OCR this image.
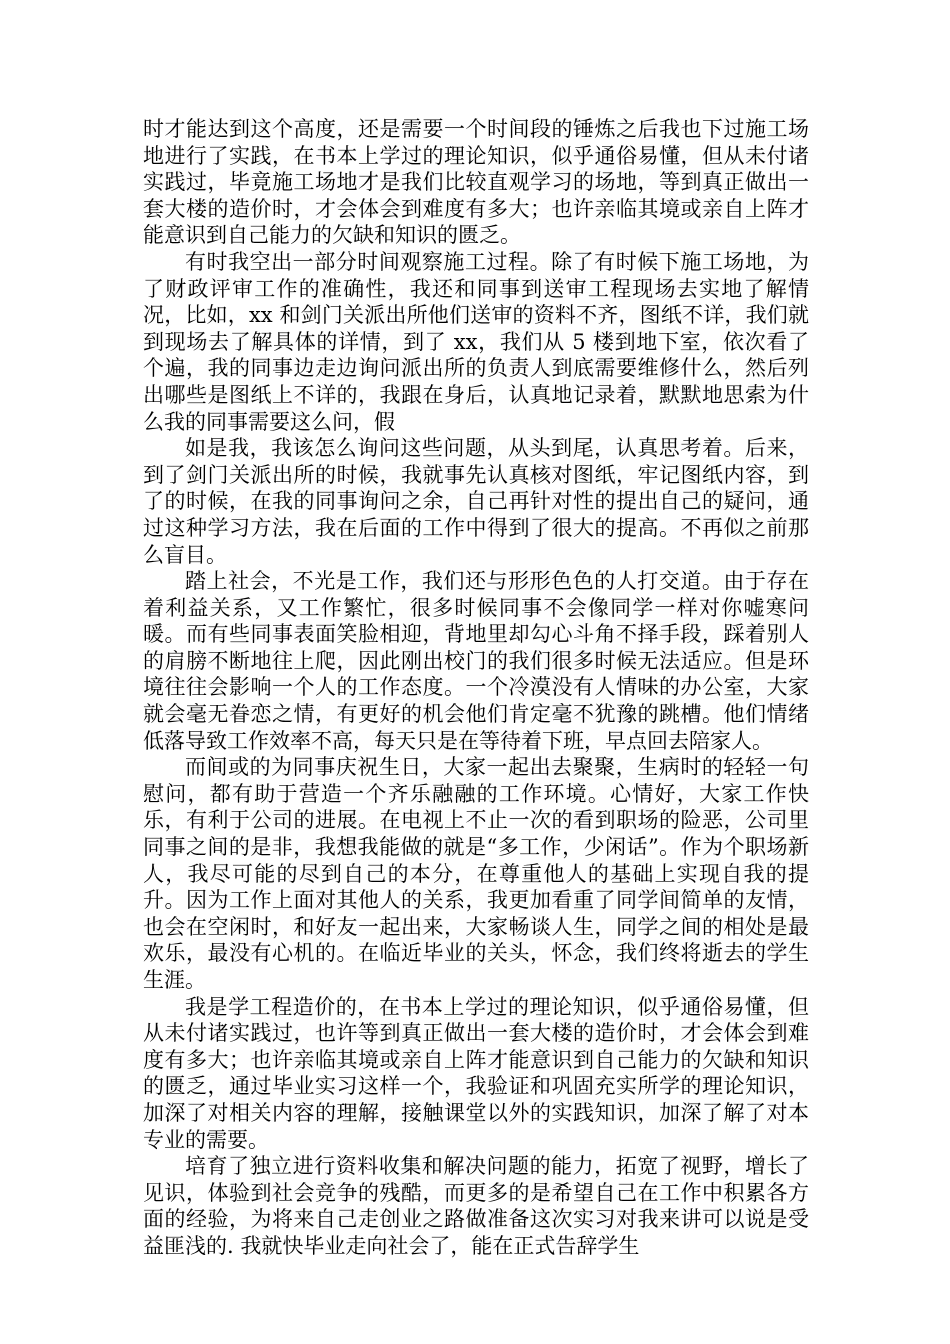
时才能达到这个高度，还是需要一个时间段的锤炼之后我也下过施工场地进行了实践，在书本上学过的理论知识，似乎通俗易懂，但从未付诸实践过，毕竟施工场地才是我们比较直观学习的场地，等到真正做出一套大楼的造价时，才会体会到难度有多大；也许亲临其境或亲自上阵才能意识到自己能力的欠缺和知识的匮乏。

有时我空出一部分时间观察施工过程。除了有时候下施工场地，为了财政评审工作的准确性，我还和同事到送审工程现场去实地了解情况，比如，xx 和剑门关派出所他们送审的资料不齐，图纸不详，我们就到现场去了解具体的详情，到了 xx，我们从 5 楼到地下室，依次看了个遍，我的同事边走边询问派出所的负责人到底需要维修什么，然后列出哪些是图纸上不详的，我跟在身后，认真地记录着，默默地思索为什么我的同事需要这么问，假

如是我，我该怎么询问这些问题，从头到尾，认真思考着。后来，到了剑门关派出所的时候，我就事先认真核对图纸，牢记图纸内容，到了的时候，在我的同事询问之余，自己再针对性的提出自己的疑问，通过这种学习方法，我在后面的工作中得到了很大的提高。不再似之前那么盲目。

踏上社会，不光是工作，我们还与形形色色的人打交道。由于存在着利益关系，又工作繁忙，很多时候同事不会像同学一样对你嘘寒问暖。而有些同事表面笑脸相迎，背地里却勾心斗角不择手段，踩着别人的肩膀不断地往上爬，因此刚出校门的我们很多时候无法适应。但是环境往往会影响一个人的工作态度。一个冷漠没有人情味的办公室，大家就会毫无眷恋之情，有更好的机会他们肯定毫不犹豫的跳槽。他们情绪低落导致工作效率不高，每天只是在等待着下班，早点回去陪家人。

而间或的为同事庆祝生日，大家一起出去聚聚，生病时的轻轻一句慰问，都有助于营造一个齐乐融融的工作环境。心情好，大家工作快乐，有利于公司的进展。在电视上不止一次的看到职场的险恶，公司里同事之间的是非，我想我能做的就是“多工作，少闲话”。作为个职场新人，我尽可能的尽到自己的本分，在尊重他人的基础上实现自我的提升。因为工作上面对其他人的关系，我更加看重了同学间简单的友情，也会在空闲时，和好友一起出来，大家畅谈人生，同学之间的相处是最欢乐，最没有心机的。在临近毕业的关头，怀念，我们终将逝去的学生生涯。

我是学工程造价的，在书本上学过的理论知识，似乎通俗易懂，但从未付诸实践过，也许等到真正做出一套大楼的造价时，才会体会到难度有多大；也许亲临其境或亲自上阵才能意识到自己能力的欠缺和知识的匮乏，通过毕业实习这样一个，我验证和巩固充实所学的理论知识，加深了对相关内容的理解，接触课堂以外的实践知识，加深了解了对本专业的需要。

培育了独立进行资料收集和解决问题的能力，拓宽了视野，增长了见识，体验到社会竞争的残酷，而更多的是希望自己在工作中积累各方面的经验，为将来自己走创业之路做准备这次实习对我来讲可以说是受益匪浅的. 我就快毕业走向社会了，能在正式告辞学生
